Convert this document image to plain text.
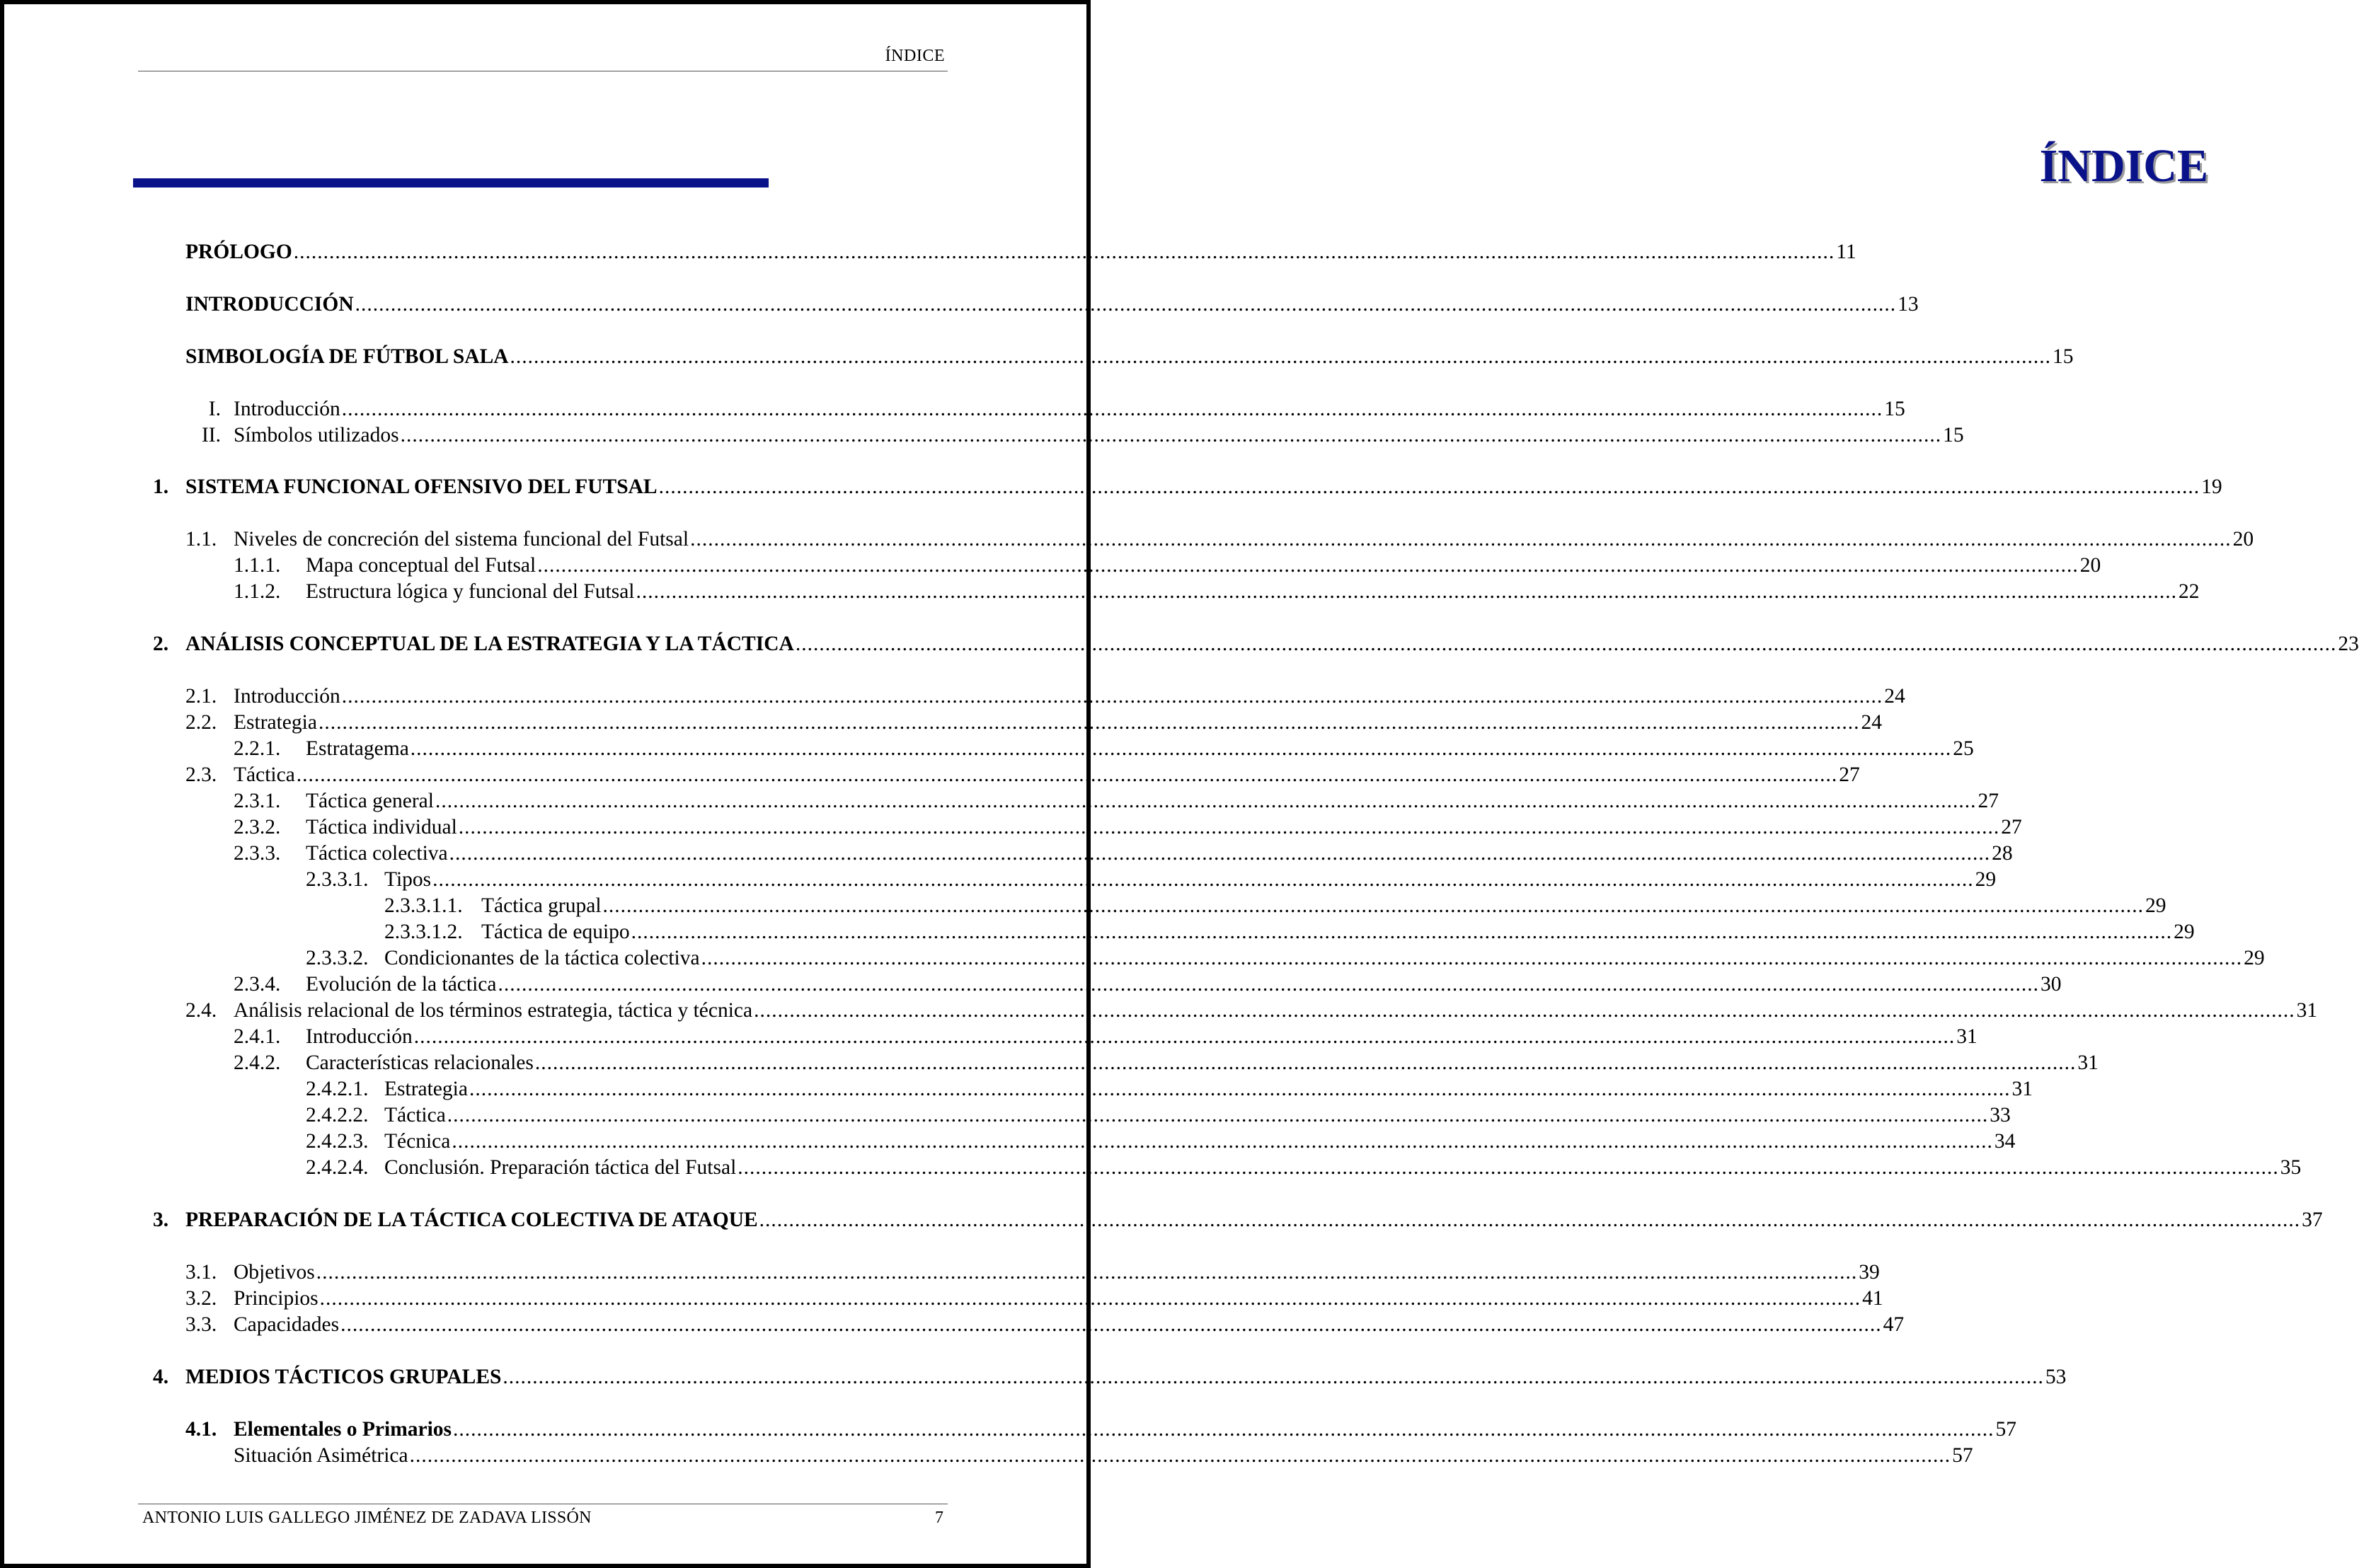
ÍNDICE
ÍNDICE
PRÓLOGO .................................................................................................................................................................................................................................................................... 11
INTRODUCCIÓN .................................................................................................................................................................................................................................................................... 13
SIMBOLOGÍA DE FÚTBOL SALA .................................................................................................................................................................................................................................................................... 15
I. Introducción .................................................................................................................................................................................................................................................................... 15
II. Símbolos utilizados .................................................................................................................................................................................................................................................................... 15
1. SISTEMA FUNCIONAL OFENSIVO DEL FUTSAL .................................................................................................................................................................................................................................................................... 19
1.1. Niveles de concreción del sistema funcional del Futsal .................................................................................................................................................................................................................................................................... 20
1.1.1. Mapa conceptual del Futsal .................................................................................................................................................................................................................................................................... 20
1.1.2. Estructura lógica y funcional del Futsal .................................................................................................................................................................................................................................................................... 22
2. ANÁLISIS CONCEPTUAL DE LA ESTRATEGIA Y LA TÁCTICA .................................................................................................................................................................................................................................................................... 23
2.1. Introducción .................................................................................................................................................................................................................................................................... 24
2.2. Estrategia .................................................................................................................................................................................................................................................................... 24
2.2.1. Estratagema .................................................................................................................................................................................................................................................................... 25
2.3. Táctica .................................................................................................................................................................................................................................................................... 27
2.3.1. Táctica general .................................................................................................................................................................................................................................................................... 27
2.3.2. Táctica individual .................................................................................................................................................................................................................................................................... 27
2.3.3. Táctica colectiva .................................................................................................................................................................................................................................................................... 28
2.3.3.1. Tipos .................................................................................................................................................................................................................................................................... 29
2.3.3.1.1. Táctica grupal .................................................................................................................................................................................................................................................................... 29
2.3.3.1.2. Táctica de equipo .................................................................................................................................................................................................................................................................... 29
2.3.3.2. Condicionantes de la táctica colectiva .................................................................................................................................................................................................................................................................... 29
2.3.4. Evolución de la táctica .................................................................................................................................................................................................................................................................... 30
2.4. Análisis relacional de los términos estrategia, táctica y técnica .................................................................................................................................................................................................................................................................... 31
2.4.1. Introducción .................................................................................................................................................................................................................................................................... 31
2.4.2. Características relacionales .................................................................................................................................................................................................................................................................... 31
2.4.2.1. Estrategia .................................................................................................................................................................................................................................................................... 31
2.4.2.2. Táctica .................................................................................................................................................................................................................................................................... 33
2.4.2.3. Técnica .................................................................................................................................................................................................................................................................... 34
2.4.2.4. Conclusión. Preparación táctica del Futsal .................................................................................................................................................................................................................................................................... 35
3. PREPARACIÓN DE LA TÁCTICA COLECTIVA DE ATAQUE .................................................................................................................................................................................................................................................................... 37
3.1. Objetivos .................................................................................................................................................................................................................................................................... 39
3.2. Principios .................................................................................................................................................................................................................................................................... 41
3.3. Capacidades .................................................................................................................................................................................................................................................................... 47
4. MEDIOS TÁCTICOS GRUPALES .................................................................................................................................................................................................................................................................... 53
4.1. Elementales o Primarios .................................................................................................................................................................................................................................................................... 57
Situación Asimétrica .................................................................................................................................................................................................................................................................... 57
ANTONIO LUIS GALLEGO JIMÉNEZ DE ZADAVA LISSÓN	7
